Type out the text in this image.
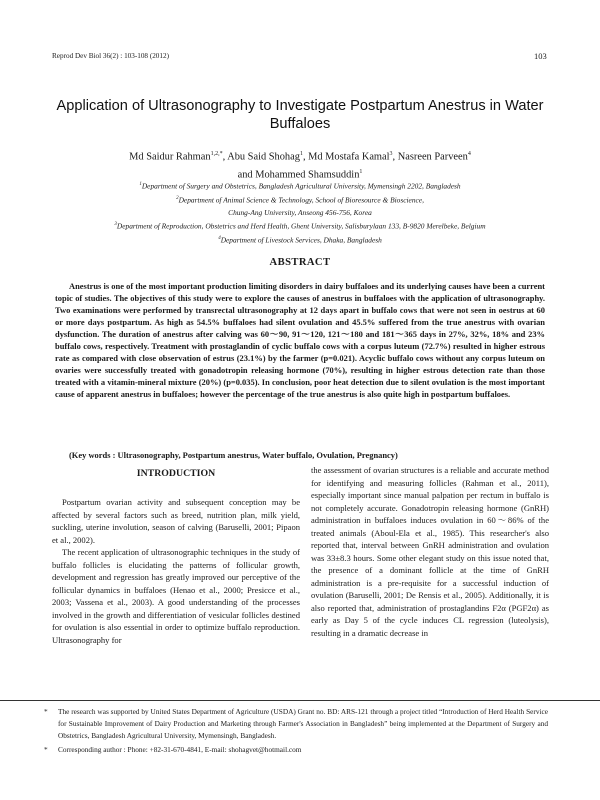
Reprod Dev Biol 36(2) : 103-108 (2012)	103
Application of Ultrasonography to Investigate Postpartum Anestrus in Water Buffaloes
Md Saidur Rahman$^{1,2,*}$, Abu Said Shohag$^1$, Md Mostafa Kamal$^3$, Nasreen Parveen$^4$
and Mohammed Shamsuddin$^1$
$^1$Department of Surgery and Obstetrics, Bangladesh Agricultural University, Mymensingh 2202, Bangladesh
$^2$Department of Animal Science & Technology, School of Bioresource & Bioscience,
Chung-Ang University, Anseong 456-756, Korea
$^3$Department of Reproduction, Obstetrics and Herd Health, Ghent University, Salisburylaan 133, B-9820 Merelbeke, Belgium
$^4$Department of Livestock Services, Dhaka, Bangladesh
ABSTRACT

Anestrus is one of the most important production limiting disorders in dairy buffaloes and its underlying causes have been a current topic of studies. The objectives of this study were to explore the causes of anestrus in buffaloes with the application of ultrasonography. Two examinations were performed by transrectal ultrasonography at 12 days apart in buffalo cows that were not seen in oestrus at 60 or more days postpartum. As high as 54.5% buffaloes had silent ovulation and 45.5% suffered from the true anestrus with ovarian dysfunction. The duration of anestrus after calving was 60～90, 91～120, 121～180 and 181～365 days in 27%, 32%, 18% and 23% buffalo cows, respectively. Treatment with prostaglandin of cyclic buffalo cows with a corpus luteum (72.7%) resulted in higher estrous rate as compared with close observation of estrus (23.1%) by the farmer (p=0.021). Acyclic buffalo cows without any corpus luteum on ovaries were successfully treated with gonadotropin releasing hormone (70%), resulting in higher estrous detection rate than those treated with a vitamin-mineral mixture (20%) (p=0.035). In conclusion, poor heat detection due to silent ovulation is the most important cause of apparent anestrus in buffaloes; however the percentage of the true anestrus is also quite high in postpartum buffaloes.

(Key words : Ultrasonography, Postpartum anestrus, Water buffalo, Ovulation, Pregnancy)

INTRODUCTION

Postpartum ovarian activity and subsequent conception may be affected by several factors such as breed, nutrition plan, milk yield, suckling, uterine involution, season of calving (Baruselli, 2001; Pipaon et al., 2002).

The recent application of ultrasonographic techniques in the study of buffalo follicles is elucidating the patterns of follicular growth, development and regression has greatly improved our perceptive of the follicular dynamics in buffaloes (Henao et al., 2000; Presicce et al., 2003; Vassena et al., 2003). A good understanding of the processes involved in the growth and differentiation of vesicular follicles destined for ovulation is also essential in order to optimize buffalo reproduction. Ultrasonography for

the assessment of ovarian structures is a reliable and accurate method for identifying and measuring follicles (Rahman et al., 2011), especially important since manual palpation per rectum in buffalo is not completely accurate. Gonadotropin releasing hormone (GnRH) administration in buffaloes induces ovulation in 60～86% of the treated animals (Aboul-Ela et al., 1985). This researcher's also reported that, interval between GnRH administration and ovulation was 33±8.3 hours. Some other elegant study on this issue noted that, the presence of a dominant follicle at the time of GnRH administration is a pre-requisite for a successful induction of ovulation (Baruselli, 2001; De Rensis et al., 2005). Additionally, it is also reported that, administration of prostaglandins F2α (PGF2α) as early as Day 5 of the cycle induces CL regression (luteolysis), resulting in a dramatic decrease in

* The research was supported by United States Department of Agriculture (USDA) Grant no. BD: ARS-121 through a project titled “Introduction of Herd Health Service for Sustainable Improvement of Dairy Production and Marketing through Farmer's Association in Bangladesh” being implemented at the Department of Surgery and Obstetrics, Bangladesh Agricultural University, Mymensingh, Bangladesh.

* Corresponding author : Phone: +82-31-670-4841, E-mail: shohagvet@hotmail.com
